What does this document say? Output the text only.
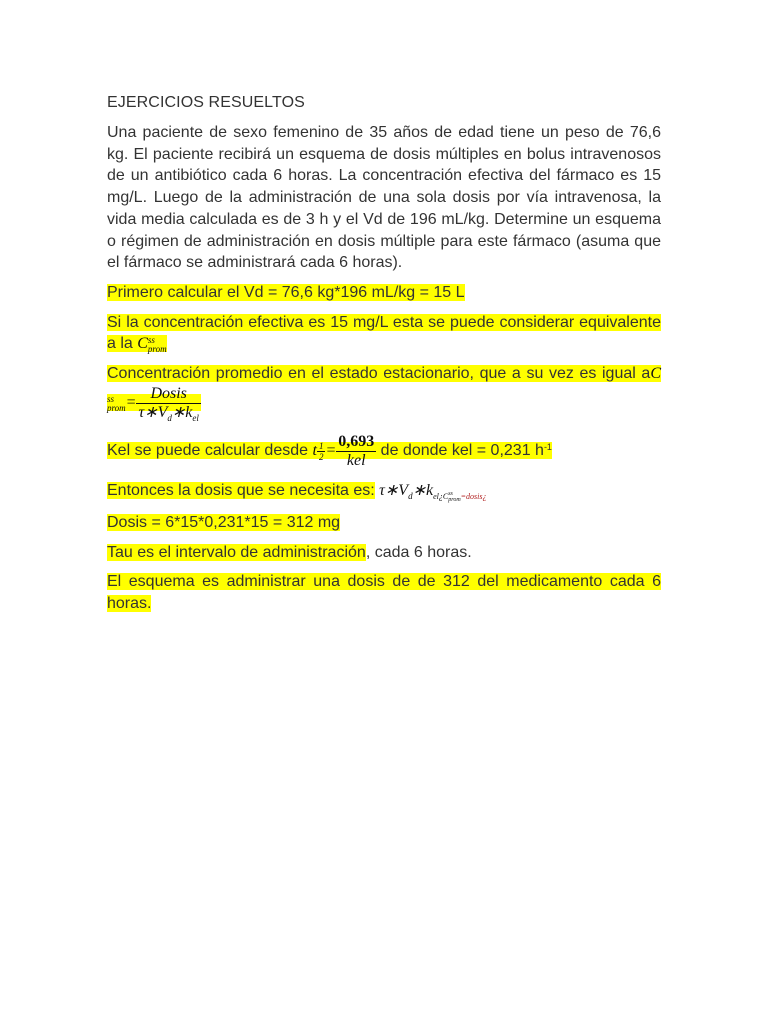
EJERCICIOS RESUELTOS
Una paciente de sexo femenino de 35 años de edad tiene un peso de 76,6 kg. El paciente recibirá un esquema de dosis múltiples en bolus intravenosos de un antibiótico cada 6 horas. La concentración efectiva del fármaco es 15 mg/L. Luego de la administración de una sola dosis por vía intravenosa, la vida media calculada es de 3 h y el Vd de 196 mL/kg. Determine un esquema o régimen de administración en dosis múltiple para este fármaco (asuma que el fármaco se administrará cada 6 horas).
Primero calcular el Vd = 76,6 kg*196 mL/kg = 15 L
Si la concentración efectiva es 15 mg/L esta se puede considerar equivalente a la C ss
prom
Concentración promedio en el estado estacionario, que a su vez es igual aC
ss
prom = $\frac{\text{Dosis}}{\tau∗V_d∗k_{el}}$
Kel se puede calcular desde t $\frac{1}{2} = \frac{0,693}{\text{kel}}$ de donde kel = 0,231 $h^{-1}$
Entonces la dosis que se necesita es: $\tau∗V_d∗k_{el¿C ss prom =dosis¿}$
Dosis = 6*15*0,231*15 = 312 mg
Tau es el intervalo de administración, cada 6 horas.
El esquema es administrar una dosis de de 312 del medicamento cada 6 horas.
